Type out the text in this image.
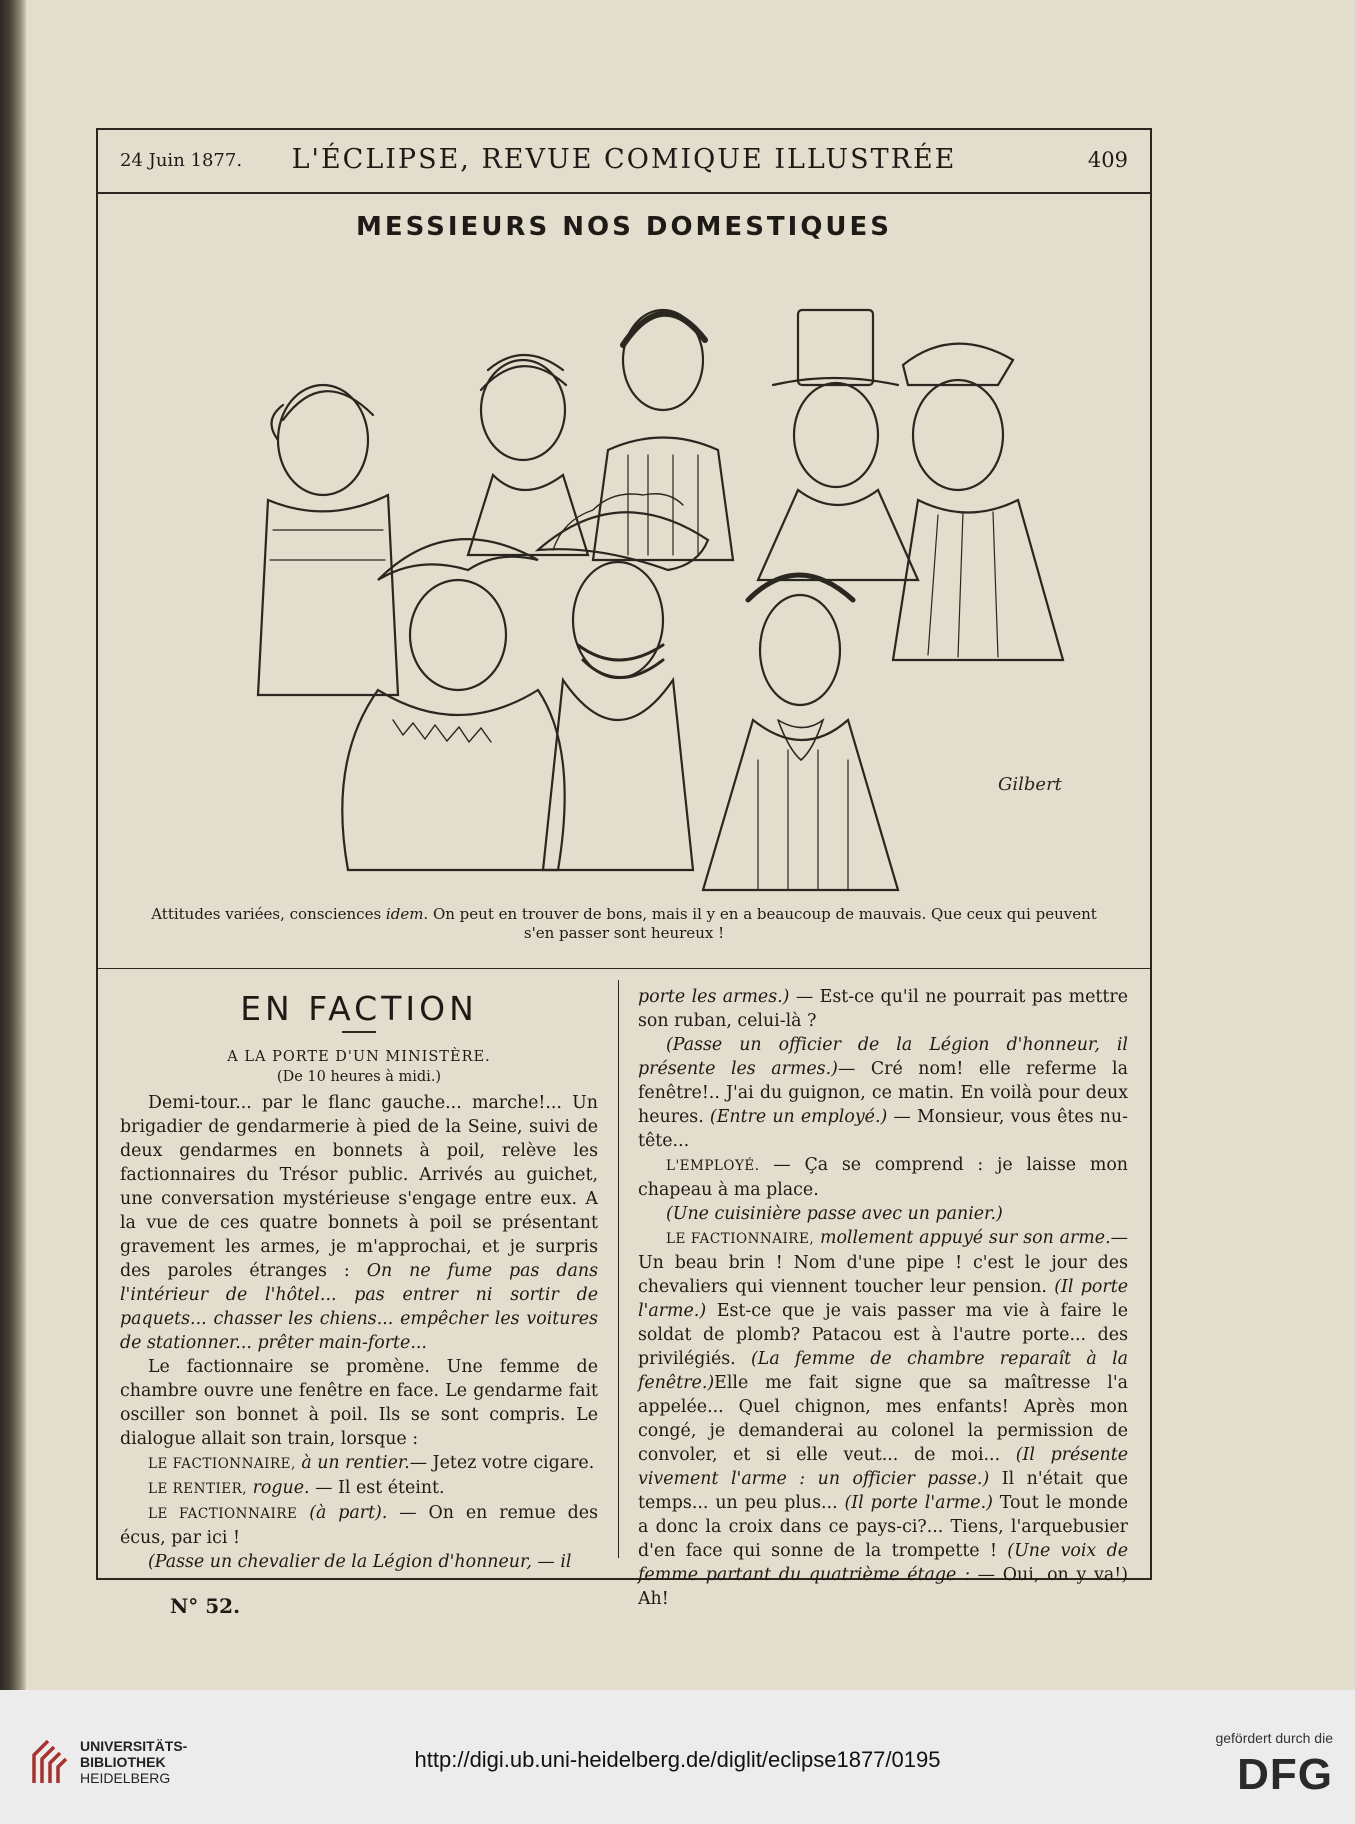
24 Juin 1877.	L'ÉCLIPSE, REVUE COMIQUE ILLUSTRÉE	409
MESSIEURS NOS DOMESTIQUES
Gilbert
Attitudes variées, consciences idem. On peut en trouver de bons, mais il y en a beaucoup de mauvais. Que ceux qui peuvent s'en passer sont heureux !
EN FACTION
A LA PORTE D'UN MINISTÈRE.
(De 10 heures à midi.)

Demi-tour... par le flanc gauche... marche!... Un brigadier de gendarmerie à pied de la Seine, suivi de deux gendarmes en bonnets à poil, relève les factionnaires du Trésor public. Arrivés au guichet, une conversation mystérieuse s'engage entre eux. A la vue de ces quatre bonnets à poil se présentant gravement les armes, je m'approchai, et je surpris des paroles étranges : On ne fume pas dans l'intérieur de l'hôtel... pas entrer ni sortir de paquets... chasser les chiens... empêcher les voitures de stationner... prêter main-forte...

Le factionnaire se promène. Une femme de chambre ouvre une fenêtre en face. Le gendarme fait osciller son bonnet à poil. Ils se sont compris. Le dialogue allait son train, lorsque :

LE FACTIONNAIRE, à un rentier.— Jetez votre cigare.

LE RENTIER, rogue. — Il est éteint.

LE FACTIONNAIRE (à part). — On en remue des écus, par ici !

(Passe un chevalier de la Légion d'honneur, — il

porte les armes.) — Est-ce qu'il ne pourrait pas mettre son ruban, celui-là ?

(Passe un officier de la Légion d'honneur, il présente les armes.)— Cré nom! elle referme la fenêtre!.. J'ai du guignon, ce matin. En voilà pour deux heures. (Entre un employé.) — Monsieur, vous êtes nu-tête...

L'EMPLOYÉ. — Ça se comprend : je laisse mon chapeau à ma place.

(Une cuisinière passe avec un panier.)

LE FACTIONNAIRE, mollement appuyé sur son arme.— Un beau brin ! Nom d'une pipe ! c'est le jour des chevaliers qui viennent toucher leur pension. (Il porte l'arme.) Est-ce que je vais passer ma vie à faire le soldat de plomb? Patacou est à l'autre porte... des privilégiés. (La femme de chambre reparaît à la fenêtre.)Elle me fait signe que sa maîtresse l'a appelée... Quel chignon, mes enfants! Après mon congé, je demanderai au colonel la permission de convoler, et si elle veut... de moi... (Il présente vivement l'arme : un officier passe.) Il n'était que temps... un peu plus... (Il porte l'arme.) Tout le monde a donc la croix dans ce pays-ci?... Tiens, l'arquebusier d'en face qui sonne de la trompette ! (Une voix de femme partant du quatrième étage : — Oui, on y va!) Ah!

N° 52.
UNIVERSITÄTS-
BIBLIOTHEK
HEIDELBERG
http://digi.ub.uni-heidelberg.de/diglit/eclipse1877/0195
gefördert durch die
DFG
